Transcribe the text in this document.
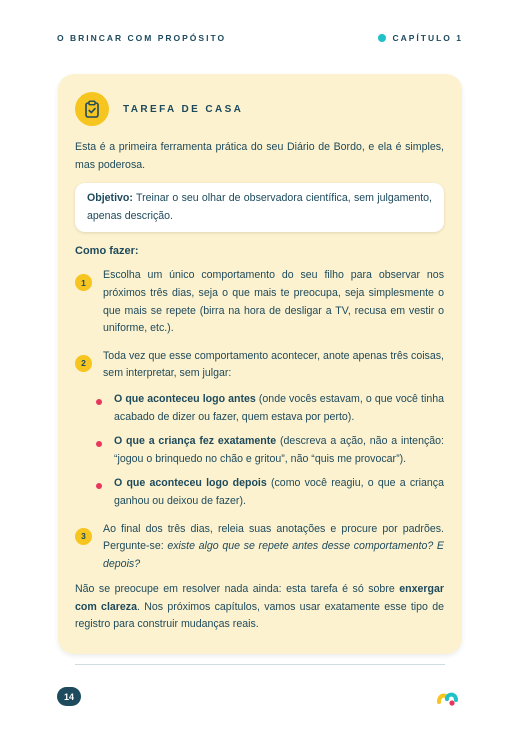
O BRINCAR COM PROPÓSITO	CAPÍTULO 1
TAREFA DE CASA

Esta é a primeira ferramenta prática do seu Diário de Bordo, e ela é simples, mas poderosa.

Objetivo: Treinar o seu olhar de observadora científica, sem julgamento, apenas descrição.

Como fazer:
1

Escolha um único comportamento do seu filho para observar nos próximos três dias, seja o que mais te preocupa, seja simplesmente o que mais se repete (birra na hora de desligar a TV, recusa em vestir o uniforme, etc.).

2

Toda vez que esse comportamento acontecer, anote apenas três coisas, sem interpretar, sem julgar:

O que aconteceu logo antes (onde vocês estavam, o que você tinha acabado de dizer ou fazer, quem estava por perto).

O que a criança fez exatamente (descreva a ação, não a intenção: “jogou o brinquedo no chão e gritou”, não “quis me provocar”).

O que aconteceu logo depois (como você reagiu, o que a criança ganhou ou deixou de fazer).

3

Ao final dos três dias, releia suas anotações e procure por padrões. Pergunte-se: existe algo que se repete antes desse comportamento? E depois?

Não se preocupe em resolver nada ainda: esta tarefa é só sobre enxergar com clareza. Nos próximos capítulos, vamos usar exatamente esse tipo de registro para construir mudanças reais.

14
